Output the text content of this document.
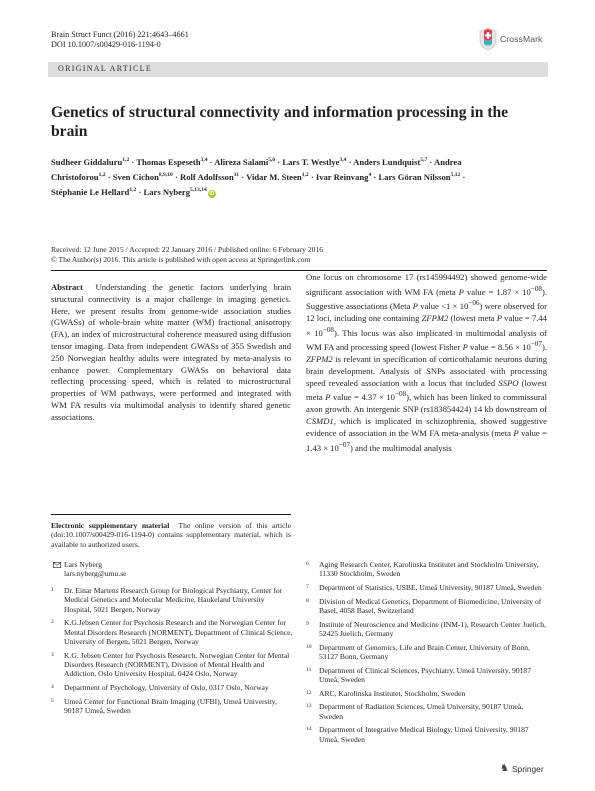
Brain Struct Funct (2016) 221:4643–4661
DOI 10.1007/s00429-016-1194-0
CrossMark
ORIGINAL ARTICLE
Genetics of structural connectivity and information processing in the brain
Sudheer Giddaluru$^{1,2}$ · Thomas Espeseth$^{3,4}$ · Alireza Salami$^{5,6}$ · Lars T. Westlye$^{3,4}$ · Anders Lundquist$^{5,7}$ · Andrea Christoforou$^{1,2}$ · Sven Cichon$^{8,9,10}$ · Rolf Adolfsson$^{11}$ · Vidar M. Steen$^{1,2}$ · Ivar Reinvang$^4$ · Lars Göran Nilsson$^{5,12}$ · Stéphanie Le Hellard$^{1,2}$ · Lars Nyberg$^{5,13,14}$iD
Received: 12 June 2015 / Accepted: 22 January 2016 / Published online: 6 February 2016
© The Author(s) 2016. This article is published with open access at Springerlink.com
Abstract Understanding the genetic factors underlying brain structural connectivity is a major challenge in imaging genetics. Here, we present results from genome-wide association studies (GWASs) of whole-brain white matter (WM) fractional anisotropy (FA), an index of microstructural coherence measured using diffusion tensor imaging. Data from independent GWASs of 355 Swedish and 250 Norwegian healthy adults were integrated by meta-analysis to enhance power. Complementary GWASs on behavioral data reflecting processing speed, which is related to microstructural properties of WM pathways, were performed and integrated with WM FA results via multimodal analysis to identify shared genetic associations.
One locus on chromosome 17 (rs145994492) showed genome-wide significant association with WM FA (meta P value = $1.87 \times 10^{-08}$). Suggestive associations (Meta P value $<1 \times 10^{-06}$) were observed for 12 loci, including one containing ZFPM2 (lowest meta P value = $7.44 \times 10^{-08}$). This locus was also implicated in multimodal analysis of WM FA and processing speed (lowest Fisher P value = $8.56 \times 10^{-07}$). ZFPM2 is relevant in specification of corticothalamic neurons during brain development. Analysis of SNPs associated with processing speed revealed association with a locus that included SSPO (lowest meta P value = $4.37 \times 10^{-08}$), which has been linked to commissural axon growth. An intergenic SNP (rs183854424) 14 kb downstream of CSMD1, which is implicated in schizophrenia, showed suggestive evidence of association in the WM FA meta-analysis (meta P value = $1.43 \times 10^{-07}$) and the multimodal analysis
Electronic supplementary material The online version of this article (doi:10.1007/s00429-016-1194-0) contains supplementary material, which is available to authorized users.
Lars Nyberg
lars.nyberg@umu.se
1	Dr. Einar Martens Research Group for Biological Psychiatry, Center for Medical Genetics and Molecular Medicine, Haukeland University Hospital, 5021 Bergen, Norway
2	K.G.Jebsen Center for Psychosis Research and the Norwegian Center for Mental Disorders Research (NORMENT), Department of Clinical Science, University of Bergen, 5021 Bergen, Norway
3	K.G. Jebsen Center for Psychosis Research, Norwegian Center for Mental Disorders Research (NORMENT), Division of Mental Health and Addiction, Oslo University Hospital, 0424 Oslo, Norway
4	Department of Psychology, University of Oslo, 0317 Oslo, Norway
5	Umeå Center for Functional Brain Imaging (UFBI), Umeå University, 90187 Umeå, Sweden
6	Aging Research Center, Karolinska Institutet and Stockholm University, 11330 Stockholm, Sweden
7	Department of Statistics, USBE, Umeå University, 90187 Umeå, Sweden
8	Division of Medical Genetics, Department of Biomedicine, University of Basel, 4058 Basel, Switzerland
9	Institute of Neuroscience and Medicine (INM-1), Research Center Juelich, 52425 Juelich, Germany
10 Department of Genomics, Life and Brain Center, University of Bonn, 53127 Bonn, Germany
11	Department of Clinical Sciences, Psychiatry, Umeå University, 90187 Umeå, Sweden
12 ARC, Karolinska Institutet, Stockholm, Sweden
13 Department of Radiation Sciences, Umeå University, 90187 Umeå, Sweden
14 Department of Integrative Medical Biology, Umeå University, 90187 Umeå, Sweden
♞ Springer
